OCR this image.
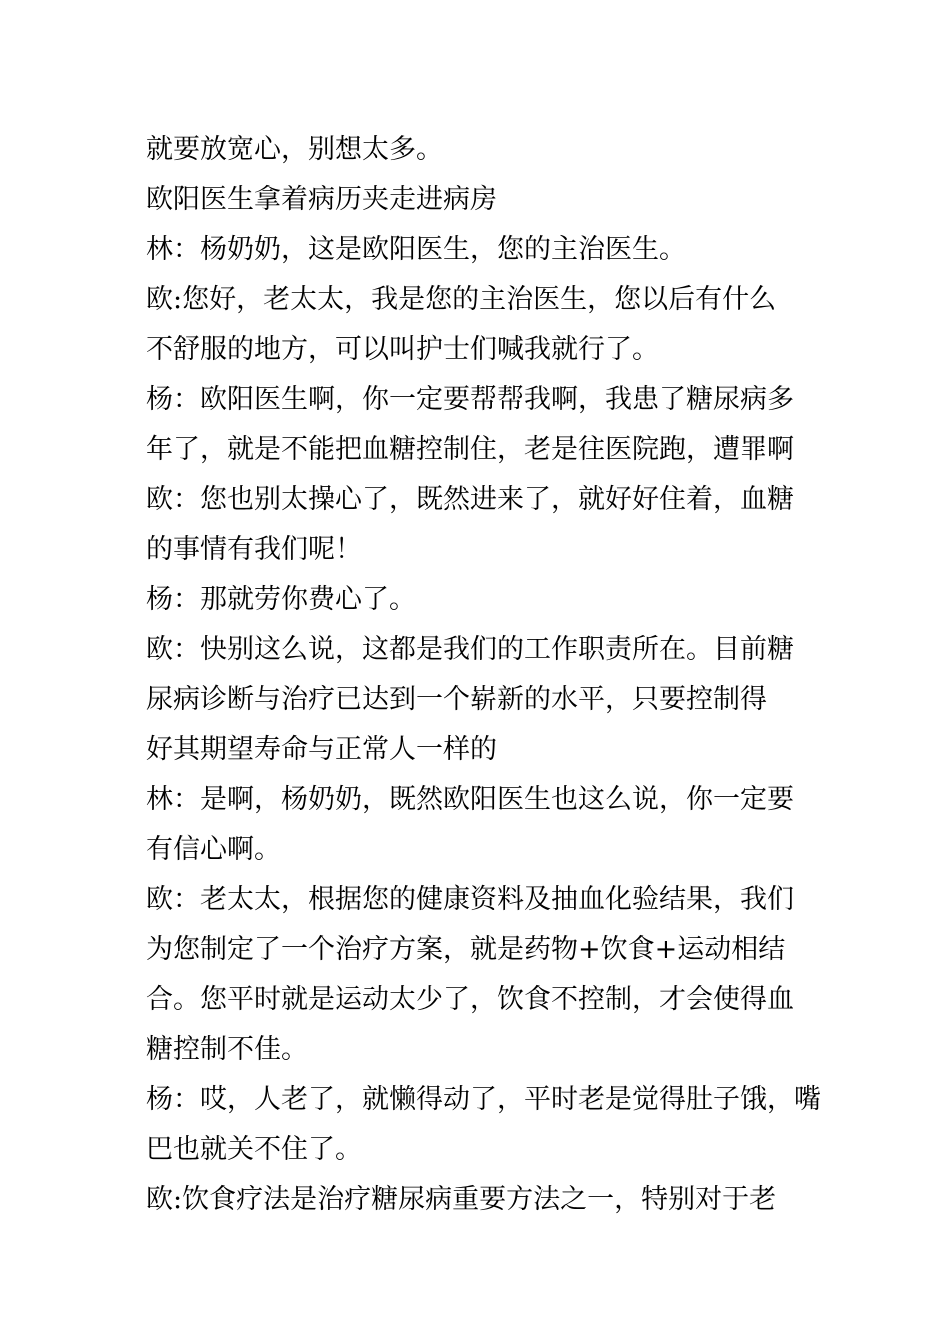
就要放宽心，别想太多。
欧阳医生拿着病历夹走进病房
林：杨奶奶，这是欧阳医生，您的主治医生。
欧:您好，老太太，我是您的主治医生，您以后有什么
不舒服的地方，可以叫护士们喊我就行了。
杨：欧阳医生啊，你一定要帮帮我啊，我患了糖尿病多
年了，就是不能把血糖控制住，老是往医院跑，遭罪啊
欧：您也别太操心了，既然进来了，就好好住着，血糖
的事情有我们呢！
杨：那就劳你费心了。
欧：快别这么说，这都是我们的工作职责所在。目前糖
尿病诊断与治疗已达到一个崭新的水平，只要控制得
好其期望寿命与正常人一样的
林：是啊，杨奶奶，既然欧阳医生也这么说，你一定要
有信心啊。
欧：老太太，根据您的健康资料及抽血化验结果，我们
为您制定了一个治疗方案，就是药物+饮食+运动相结
合。您平时就是运动太少了，饮食不控制，才会使得血
糖控制不佳。
杨：哎，人老了，就懒得动了，平时老是觉得肚子饿，嘴
巴也就关不住了。
欧:饮食疗法是治疗糖尿病重要方法之一，特别对于老
